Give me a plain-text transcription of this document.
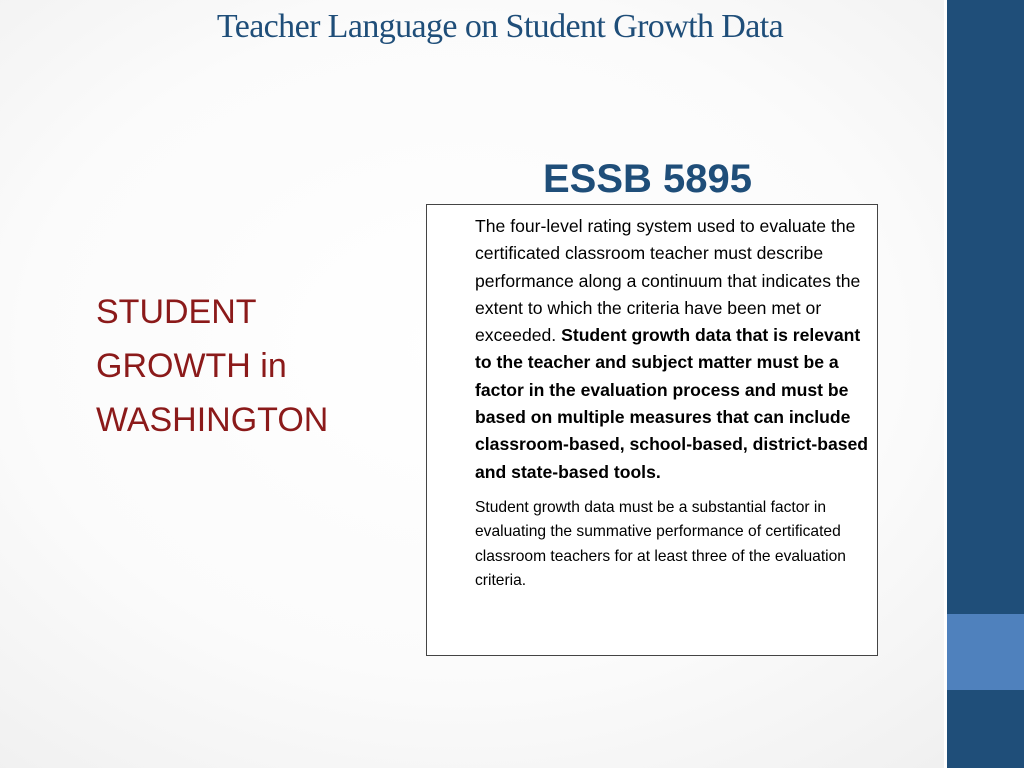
Teacher Language on Student Growth Data
STUDENT GROWTH in WASHINGTON
ESSB 5895

The four-level rating system used to evaluate the certificated classroom teacher must describe performance along a continuum that indicates the extent to which the criteria have been met or exceeded. Student growth data that is relevant to the teacher and subject matter must be a factor in the evaluation process and must be based on multiple measures that can include classroom-based, school-based, district-based and state-based tools.

Student growth data must be a substantial factor in evaluating the summative performance of certificated classroom teachers for at least three of the evaluation criteria.
